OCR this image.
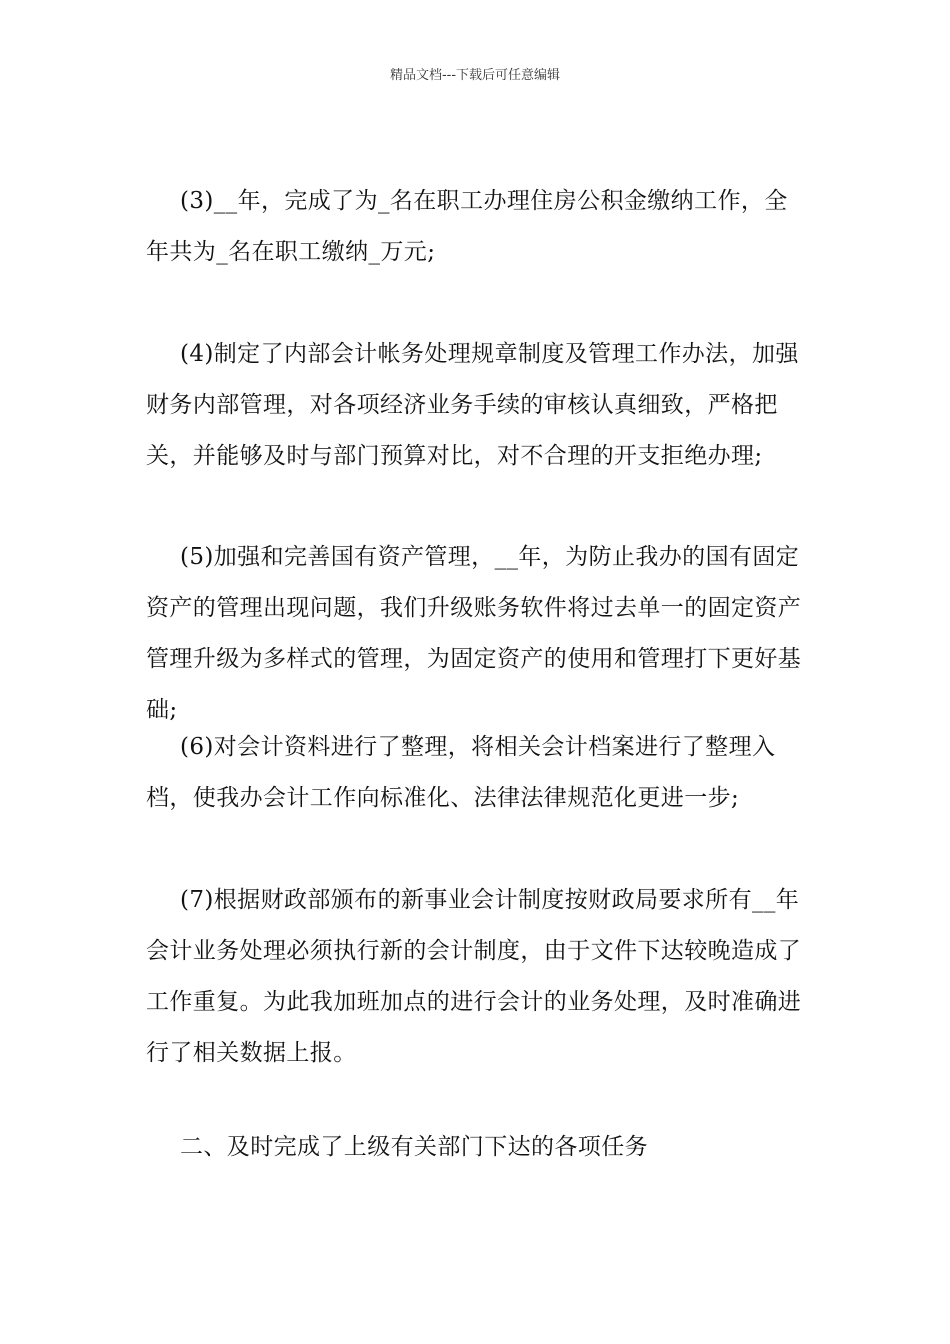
精品文档---下载后可任意编辑

(3)__年，完成了为_名在职工办理住房公积金缴纳工作，全年共为_名在职工缴纳_万元;

(4)制定了内部会计帐务处理规章制度及管理工作办法，加强财务内部管理，对各项经济业务手续的审核认真细致，严格把关，并能够及时与部门预算对比，对不合理的开支拒绝办理;

(5)加强和完善国有资产管理，__年，为防止我办的国有固定资产的管理出现问题，我们升级账务软件将过去单一的固定资产管理升级为多样式的管理，为固定资产的使用和管理打下更好基础;

(6)对会计资料进行了整理，将相关会计档案进行了整理入档，使我办会计工作向标准化、法律法律规范化更进一步;

(7)根据财政部颁布的新事业会计制度按财政局要求所有__年会计业务处理必须执行新的会计制度，由于文件下达较晚造成了工作重复。为此我加班加点的进行会计的业务处理，及时准确进行了相关数据上报。

二、及时完成了上级有关部门下达的各项任务
